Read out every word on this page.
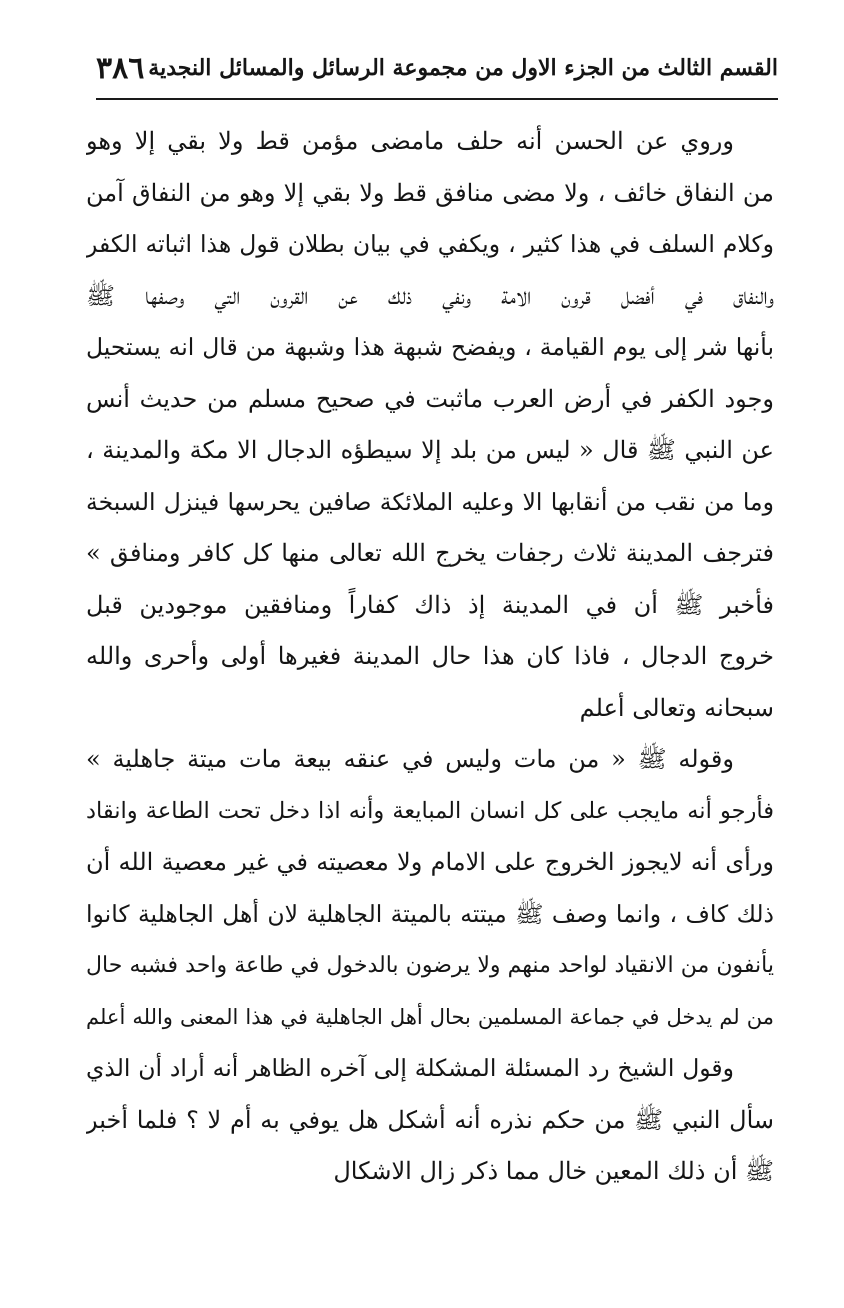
القسم الثالث من الجزء الاول من مجموعة الرسائل والمسائل النجدية
٣٨٦
وروي عن الحسن أنه حلف مامضى مؤمن قط ولا بقي إلا وهو
من النفاق خائف ، ولا مضى منافق قط ولا بقي إلا وهو من النفاق آمن
وكلام السلف في هذا كثير ، ويكفي في بيان بطلان قول هذا اثباته الكفر
والنفاق في أفضل قرون الامة ونفي ذلك عن القرون التي وصفها ﷺ
بأنها شر إلى يوم القيامة ، ويفضح شبهة هذا وشبهة من قال انه يستحيل
وجود الكفر في أرض العرب ماثبت في صحيح مسلم من حديث أنس
عن النبي ﷺ قال « ليس من بلد إلا سيطؤه الدجال الا مكة والمدينة ،
وما من نقب من أنقابها الا وعليه الملائكة صافين يحرسها فينزل السبخة
فترجف المدينة ثلاث رجفات يخرج الله تعالى منها كل كافر ومنافق »
فأخبر ﷺ أن في المدينة إذ ذاك كفاراً ومنافقين موجودين قبل
خروج الدجال ، فاذا كان هذا حال المدينة فغيرها أولى وأحرى والله
سبحانه وتعالى أعلم
وقوله ﷺ « من مات وليس في عنقه بيعة مات ميتة جاهلية »
فأرجو أنه مايجب على كل انسان المبايعة وأنه اذا دخل تحت الطاعة وانقاد
ورأى أنه لايجوز الخروج على الامام ولا معصيته في غير معصية الله أن
ذلك كاف ، وانما وصف ﷺ ميتته بالميتة الجاهلية لان أهل الجاهلية كانوا
يأنفون من الانقياد لواحد منهم ولا يرضون بالدخول في طاعة واحد فشبه حال
من لم يدخل في جماعة المسلمين بحال أهل الجاهلية في هذا المعنى والله أعلم
وقول الشيخ رد المسئلة المشكلة إلى آخره الظاهر أنه أراد أن الذي
سأل النبي ﷺ من حكم نذره أنه أشكل هل يوفي به أم لا ؟ فلما أخبر
ﷺ أن ذلك المعين خال مما ذكر زال الاشكال
